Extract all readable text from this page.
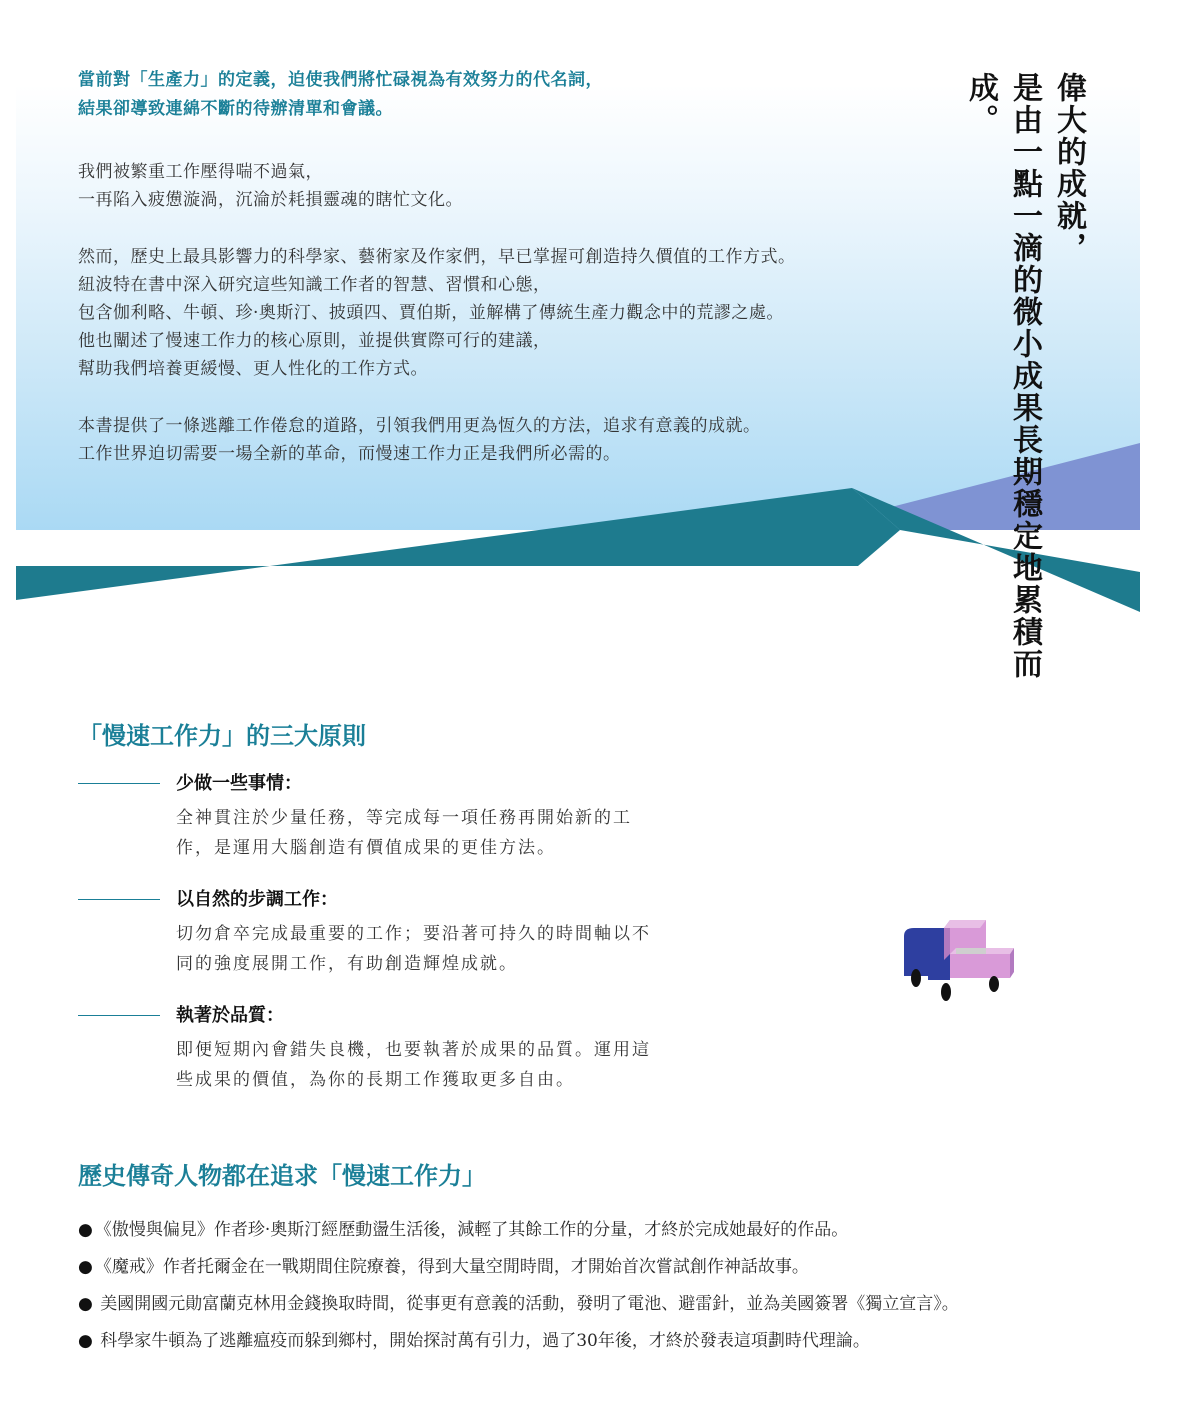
當前對「生產力」的定義，迫使我們將忙碌視為有效努力的代名詞，
結果卻導致連綿不斷的待辦清單和會議。

我們被繁重工作壓得喘不過氣，
一再陷入疲憊漩渦，沉淪於耗損靈魂的瞎忙文化。

然而，歷史上最具影響力的科學家、藝術家及作家們，早已掌握可創造持久價值的工作方式。
紐波特在書中深入研究這些知識工作者的智慧、習慣和心態，
包含伽利略、牛頓、珍·奧斯汀、披頭四、賈伯斯，並解構了傳統生產力觀念中的荒謬之處。
他也闡述了慢速工作力的核心原則，並提供實際可行的建議，
幫助我們培養更緩慢、更人性化的工作方式。

本書提供了一條逃離工作倦怠的道路，引領我們用更為恆久的方法，追求有意義的成就。
工作世界迫切需要一場全新的革命，而慢速工作力正是我們所必需的。

偉大的成就，
是由一點一滴的微小成果長期穩定地累積而成。
「慢速工作力」的三大原則
少做一些事情：
全神貫注於少量任務，等完成每一項任務再開始新的工
作，是運用大腦創造有價值成果的更佳方法。
以自然的步調工作：
切勿倉卒完成最重要的工作；要沿著可持久的時間軸以不
同的強度展開工作，有助創造輝煌成就。
執著於品質：
即便短期內會錯失良機，也要執著於成果的品質。運用這
些成果的價值，為你的長期工作獲取更多自由。
歷史傳奇人物都在追求「慢速工作力」
● 《傲慢與偏見》作者珍·奧斯汀經歷動盪生活後，減輕了其餘工作的分量，才終於完成她最好的作品。
● 《魔戒》作者托爾金在一戰期間住院療養，得到大量空閒時間，才開始首次嘗試創作神話故事。
● 美國開國元勛富蘭克林用金錢換取時間，從事更有意義的活動，發明了電池、避雷針，並為美國簽署《獨立宣言》。
● 科學家牛頓為了逃離瘟疫而躲到鄉村，開始探討萬有引力，過了30年後，才終於發表這項劃時代理論。
